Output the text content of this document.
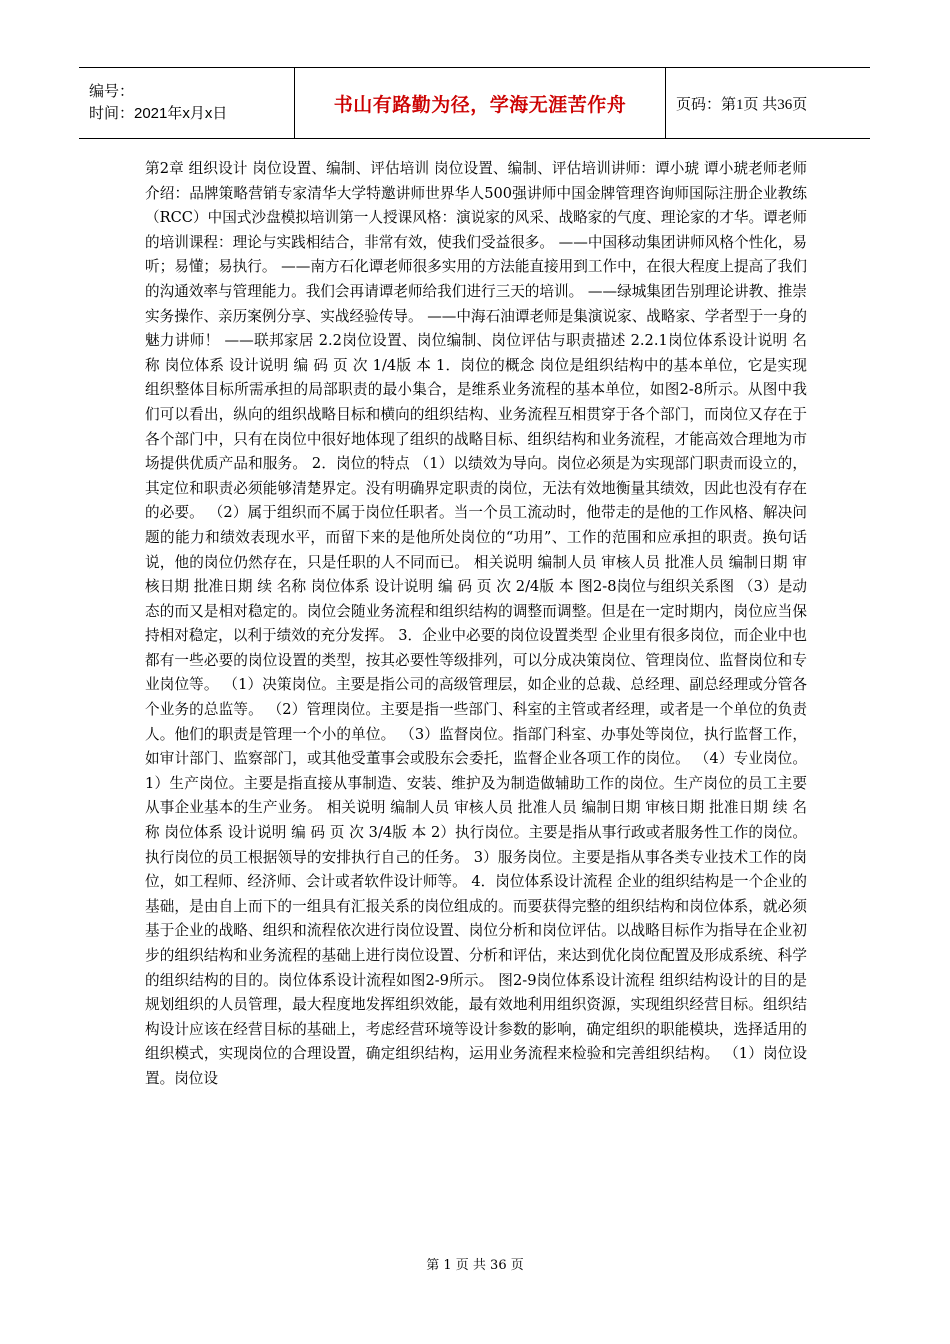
编号：
时间：2021年x月x日	书山有路勤为径，学海无涯苦作舟	页码：第1页 共36页

第2章 组织设计 岗位设置、编制、评估培训 岗位设置、编制、评估培训讲师：谭小琥 谭小琥老师老师介绍：品牌策略营销专家清华大学特邀讲师世界华人500强讲师中国金牌管理咨询师国际注册企业教练（RCC）中国式沙盘模拟培训第一人授课风格：演说家的风采、战略家的气度、理论家的才华。谭老师的培训课程：理论与实践相结合，非常有效，使我们受益很多。 ——中国移动集团讲师风格个性化，易听；易懂；易执行。 ——南方石化谭老师很多实用的方法能直接用到工作中，在很大程度上提高了我们的沟通效率与管理能力。我们会再请谭老师给我们进行三天的培训。 ——绿城集团告别理论讲教、推崇实务操作、亲历案例分享、实战经验传导。 ——中海石油谭老师是集演说家、战略家、学者型于一身的魅力讲师！ ——联邦家居 2.2岗位设置、岗位编制、岗位评估与职责描述 2.2.1岗位体系设计说明 名称 岗位体系 设计说明 编 码 页 次 1/4版 本 1．岗位的概念 岗位是组织结构中的基本单位，它是实现组织整体目标所需承担的局部职责的最小集合，是维系业务流程的基本单位，如图2-8所示。从图中我们可以看出，纵向的组织战略目标和横向的组织结构、业务流程互相贯穿于各个部门，而岗位又存在于各个部门中，只有在岗位中很好地体现了组织的战略目标、组织结构和业务流程，才能高效合理地为市场提供优质产品和服务。 2．岗位的特点 （1）以绩效为导向。岗位必须是为实现部门职责而设立的，其定位和职责必须能够清楚界定。没有明确界定职责的岗位，无法有效地衡量其绩效，因此也没有存在的必要。 （2）属于组织而不属于岗位任职者。当一个员工流动时，他带走的是他的工作风格、解决问题的能力和绩效表现水平，而留下来的是他所处岗位的“功用”、工作的范围和应承担的职责。换句话说，他的岗位仍然存在，只是任职的人不同而已。 相关说明 编制人员 审核人员 批准人员 编制日期 审核日期 批准日期 续 名称 岗位体系 设计说明 编 码 页 次 2/4版 本 图2-8岗位与组织关系图 （3）是动态的而又是相对稳定的。岗位会随业务流程和组织结构的调整而调整。但是在一定时期内，岗位应当保持相对稳定，以利于绩效的充分发挥。 3．企业中必要的岗位设置类型 企业里有很多岗位，而企业中也都有一些必要的岗位设置的类型，按其必要性等级排列，可以分成决策岗位、管理岗位、监督岗位和专业岗位等。 （1）决策岗位。主要是指公司的高级管理层，如企业的总裁、总经理、副总经理或分管各个业务的总监等。 （2）管理岗位。主要是指一些部门、科室的主管或者经理，或者是一个单位的负责人。他们的职责是管理一个小的单位。 （3）监督岗位。指部门科室、办事处等岗位，执行监督工作，如审计部门、监察部门，或其他受董事会或股东会委托，监督企业各项工作的岗位。 （4）专业岗位。 1）生产岗位。主要是指直接从事制造、安装、维护及为制造做辅助工作的岗位。生产岗位的员工主要从事企业基本的生产业务。 相关说明 编制人员 审核人员 批准人员 编制日期 审核日期 批准日期 续 名称 岗位体系 设计说明 编 码 页 次 3/4版 本 2）执行岗位。主要是指从事行政或者服务性工作的岗位。执行岗位的员工根据领导的安排执行自己的任务。 3）服务岗位。主要是指从事各类专业技术工作的岗位，如工程师、经济师、会计或者软件设计师等。 4．岗位体系设计流程 企业的组织结构是一个企业的基础，是由自上而下的一组具有汇报关系的岗位组成的。而要获得完整的组织结构和岗位体系，就必须基于企业的战略、组织和流程依次进行岗位设置、岗位分析和岗位评估。以战略目标作为指导在企业初步的组织结构和业务流程的基础上进行岗位设置、分析和评估，来达到优化岗位配置及形成系统、科学的组织结构的目的。岗位体系设计流程如图2-9所示。 图2-9岗位体系设计流程 组织结构设计的目的是规划组织的人员管理，最大程度地发挥组织效能，最有效地利用组织资源，实现组织经营目标。组织结构设计应该在经营目标的基础上，考虑经营环境等设计参数的影响，确定组织的职能模块，选择适用的组织模式，实现岗位的合理设置，确定组织结构，运用业务流程来检验和完善组织结构。 （1）岗位设置。岗位设

第 1 页 共 36 页
